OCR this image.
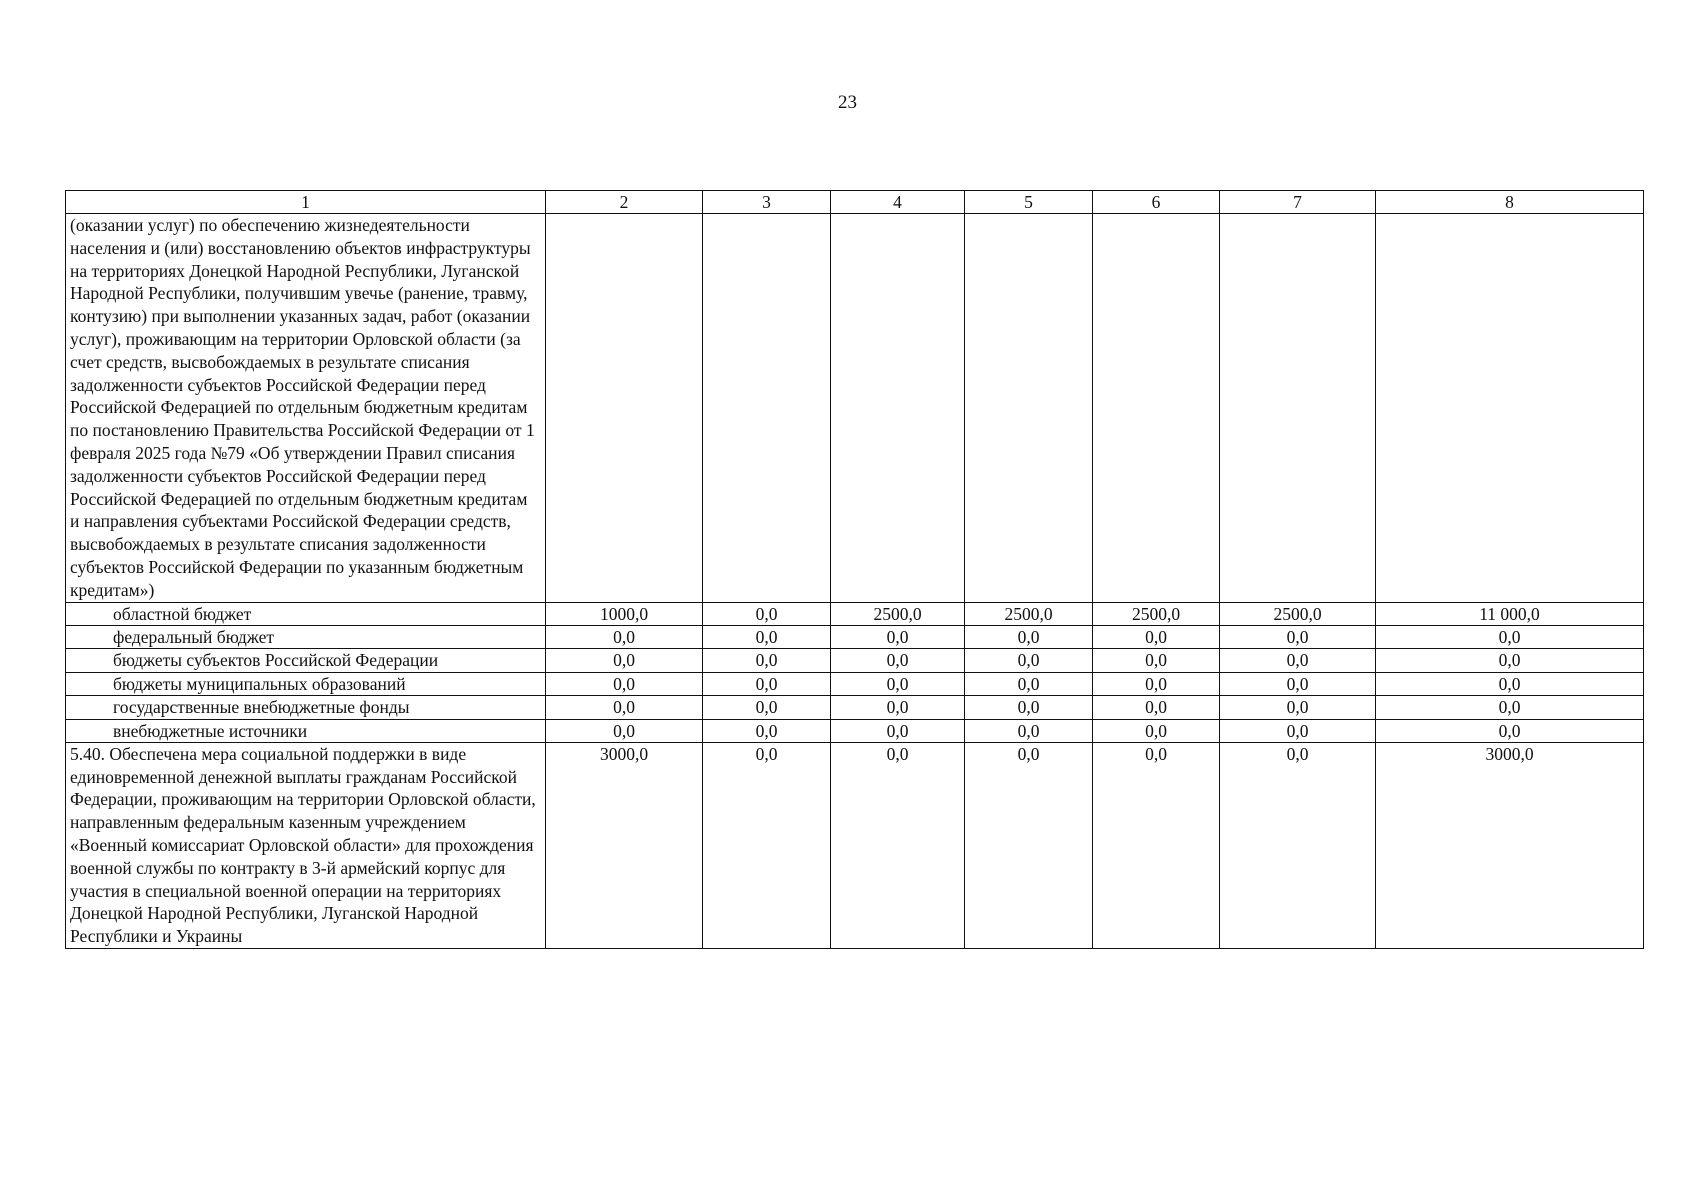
23
1	2	3	4	5	6	7	8

(оказании услуг) по обеспечению жизнедеятельности населения и (или) восстановлению объектов инфраструктуры на территориях Донецкой Народной Республики, Луганской Народной Республики, получившим увечье (ранение, травму, контузию) при выполнении указанных задач, работ (оказании услуг), проживающим на территории Орловской области (за счет средств, высвобождаемых в результате списания задолженности субъектов Российской Федерации перед Российской Федерацией по отдельным бюджетным кредитам по постановлению Правительства Российской Федерации от 1 февраля 2025 года №79 «Об утверждении Правил списания задолженности субъектов Российской Федерации перед Российской Федерацией по отдельным бюджетным кредитам и направления субъектами Российской Федерации средств, высвобождаемых в результате списания задолженности субъектов Российской Федерации по указанным бюджетным кредитам»)							

областной бюджет	1000,0	0,0	2500,0	2500,0	2500,0	2500,0	11 000,0
федеральный бюджет	0,0	0,0	0,0	0,0	0,0	0,0	0,0
бюджеты субъектов Российской Федерации	0,0	0,0	0,0	0,0	0,0	0,0	0,0
бюджеты муниципальных образований	0,0	0,0	0,0	0,0	0,0	0,0	0,0
государственные внебюджетные фонды	0,0	0,0	0,0	0,0	0,0	0,0	0,0
внебюджетные источники	0,0	0,0	0,0	0,0	0,0	0,0	0,0

5.40. Обеспечена мера социальной поддержки в виде единовременной денежной выплаты гражданам Российской Федерации, проживающим на территории Орловской области, направленным федеральным казенным учреждением «Военный комиссариат Орловской области» для прохождения военной службы по контракту в 3-й армейский корпус для участия в специальной военной операции на территориях Донецкой Народной Республики, Луганской Народной Республики и Украины	3000,0	0,0	0,0	0,0	0,0	0,0	3000,0
